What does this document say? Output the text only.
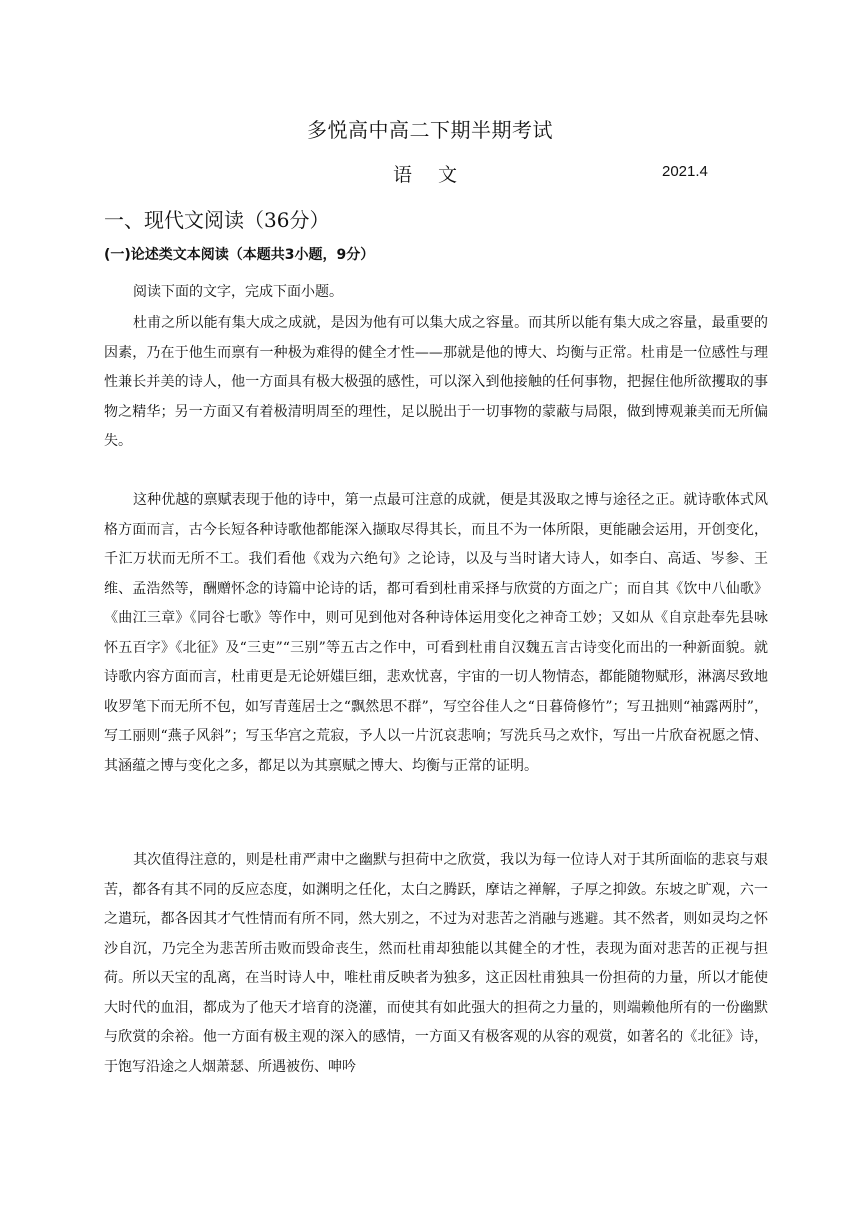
多悦高中高二下期半期考试
语文	2021.4
一、现代文阅读（36分）
(一)论述类文本阅读（本题共3小题，9分）
阅读下面的文字，完成下面小题。

杜甫之所以能有集大成之成就，是因为他有可以集大成之容量。而其所以能有集大成之容量，最重要的因素，乃在于他生而禀有一种极为难得的健全才性——那就是他的博大、均衡与正常。杜甫是一位感性与理性兼长并美的诗人，他一方面具有极大极强的感性，可以深入到他接触的任何事物，把握住他所欲攫取的事物之精华；另一方面又有着极清明周至的理性，足以脱出于一切事物的蒙蔽与局限，做到博观兼美而无所偏失。

这种优越的禀赋表现于他的诗中，第一点最可注意的成就，便是其汲取之博与途径之正。就诗歌体式风格方面而言，古今长短各种诗歌他都能深入撷取尽得其长，而且不为一体所限，更能融会运用，开创变化，千汇万状而无所不工。我们看他《戏为六绝句》之论诗，以及与当时诸大诗人，如李白、高适、岑参、王维、孟浩然等，酬赠怀念的诗篇中论诗的话，都可看到杜甫采择与欣赏的方面之广；而自其《饮中八仙歌》《曲江三章》《同谷七歌》等作中，则可见到他对各种诗体运用变化之神奇工妙；又如从《自京赴奉先县咏怀五百字》《北征》及“三吏”“三别”等五古之作中，可看到杜甫自汉魏五言古诗变化而出的一种新面貌。就诗歌内容方面而言，杜甫更是无论妍媸巨细，悲欢忧喜，宇宙的一切人物情态，都能随物赋形，淋漓尽致地收罗笔下而无所不包，如写青莲居士之“飘然思不群”，写空谷佳人之“日暮倚修竹”；写丑拙则“袖露两肘”，写工丽则“燕子风斜”；写玉华宫之荒寂，予人以一片沉哀悲响；写洗兵马之欢忭，写出一片欣奋祝愿之情、其涵蕴之博与变化之多，都足以为其禀赋之博大、均衡与正常的证明。

其次值得注意的，则是杜甫严肃中之幽默与担荷中之欣赏，我以为每一位诗人对于其所面临的悲哀与艰苦，都各有其不同的反应态度，如渊明之任化，太白之腾跃，摩诘之禅解，子厚之抑敛。东坡之旷观，六一之遣玩，都各因其才气性情而有所不同，然大别之，不过为对悲苦之消融与逃避。其不然者，则如灵均之怀沙自沉，乃完全为悲苦所击败而毁命丧生，然而杜甫却独能以其健全的才性，表现为面对悲苦的正视与担荷。所以天宝的乱离，在当时诗人中，唯杜甫反映者为独多，这正因杜甫独具一份担荷的力量，所以才能使大时代的血泪，都成为了他天才培育的浇灌，而使其有如此强大的担荷之力量的，则端赖他所有的一份幽默与欣赏的余裕。他一方面有极主观的深入的感情，一方面又有极客观的从容的观赏，如著名的《北征》诗，于饱写沿途之人烟萧瑟、所遇被伤、呻吟
